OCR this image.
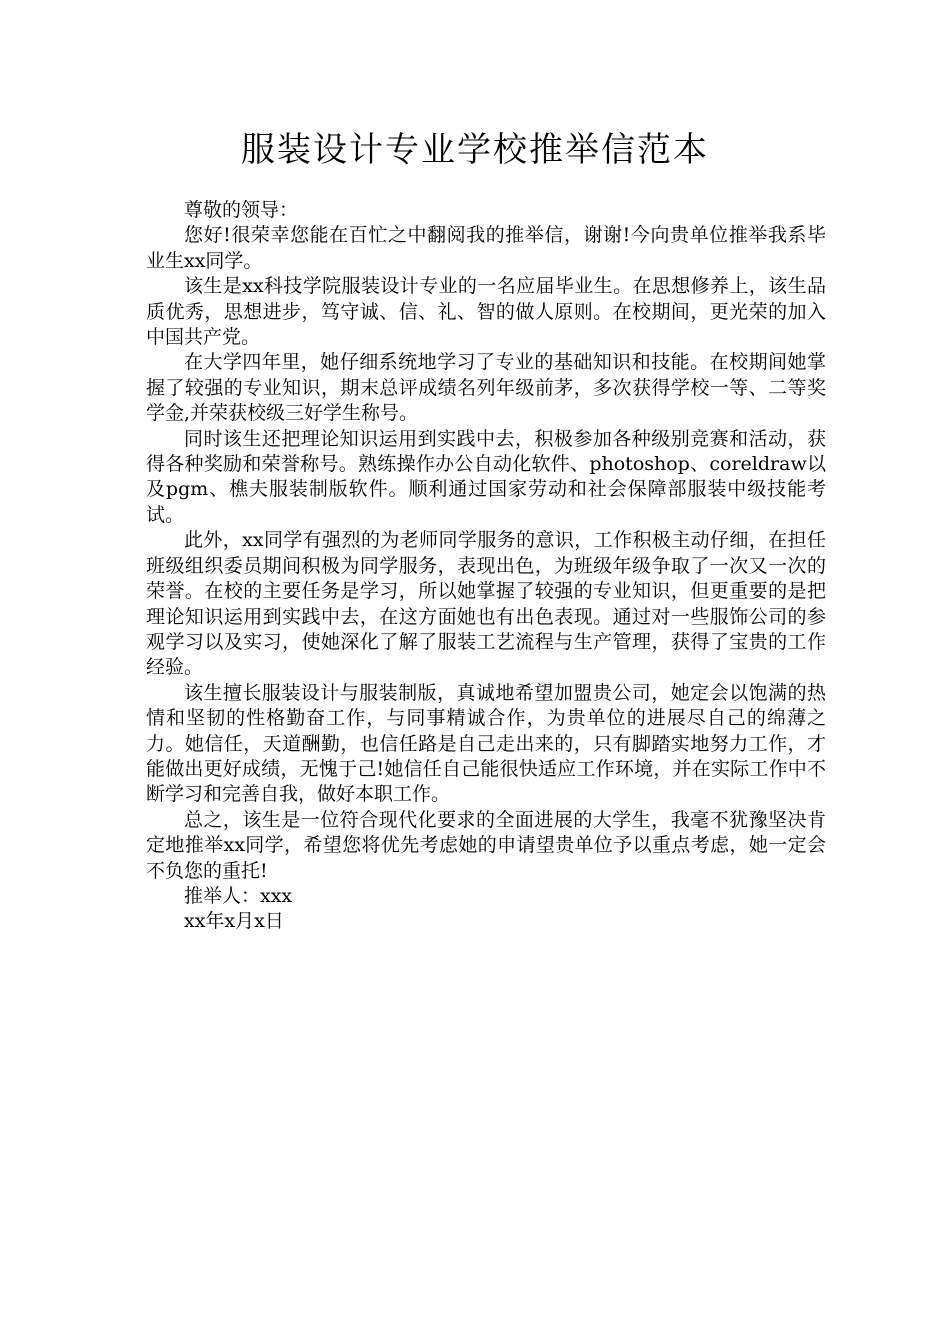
服装设计专业学校推举信范本

尊敬的领导：

您好!很荣幸您能在百忙之中翻阅我的推举信，谢谢!今向贵单位推举我系毕业生xx同学。

该生是xx科技学院服装设计专业的一名应届毕业生。在思想修养上，该生品质优秀，思想进步，笃守诚、信、礼、智的做人原则。在校期间，更光荣的加入中国共产党。

在大学四年里，她仔细系统地学习了专业的基础知识和技能。在校期间她掌握了较强的专业知识，期末总评成绩名列年级前茅，多次获得学校一等、二等奖学金,并荣获校级三好学生称号。

同时该生还把理论知识运用到实践中去，积极参加各种级别竞赛和活动，获得各种奖励和荣誉称号。熟练操作办公自动化软件、photoshop、coreldraw以及pgm、樵夫服装制版软件。顺利通过国家劳动和社会保障部服装中级技能考试。

此外，xx同学有强烈的为老师同学服务的意识，工作积极主动仔细，在担任班级组织委员期间积极为同学服务，表现出色，为班级年级争取了一次又一次的荣誉。在校的主要任务是学习，所以她掌握了较强的专业知识，但更重要的是把理论知识运用到实践中去，在这方面她也有出色表现。通过对一些服饰公司的参观学习以及实习，使她深化了解了服装工艺流程与生产管理，获得了宝贵的工作经验。

该生擅长服装设计与服装制版，真诚地希望加盟贵公司，她定会以饱满的热情和坚韧的性格勤奋工作，与同事精诚合作，为贵单位的进展尽自己的绵薄之力。她信任，天道酬勤，也信任路是自己走出来的，只有脚踏实地努力工作，才能做出更好成绩，无愧于己!她信任自己能很快适应工作环境，并在实际工作中不断学习和完善自我，做好本职工作。

总之，该生是一位符合现代化要求的全面进展的大学生，我毫不犹豫坚决肯定地推举xx同学，希望您将优先考虑她的申请望贵单位予以重点考虑，她一定会不负您的重托!

推举人：xxx

xx年x月x日
